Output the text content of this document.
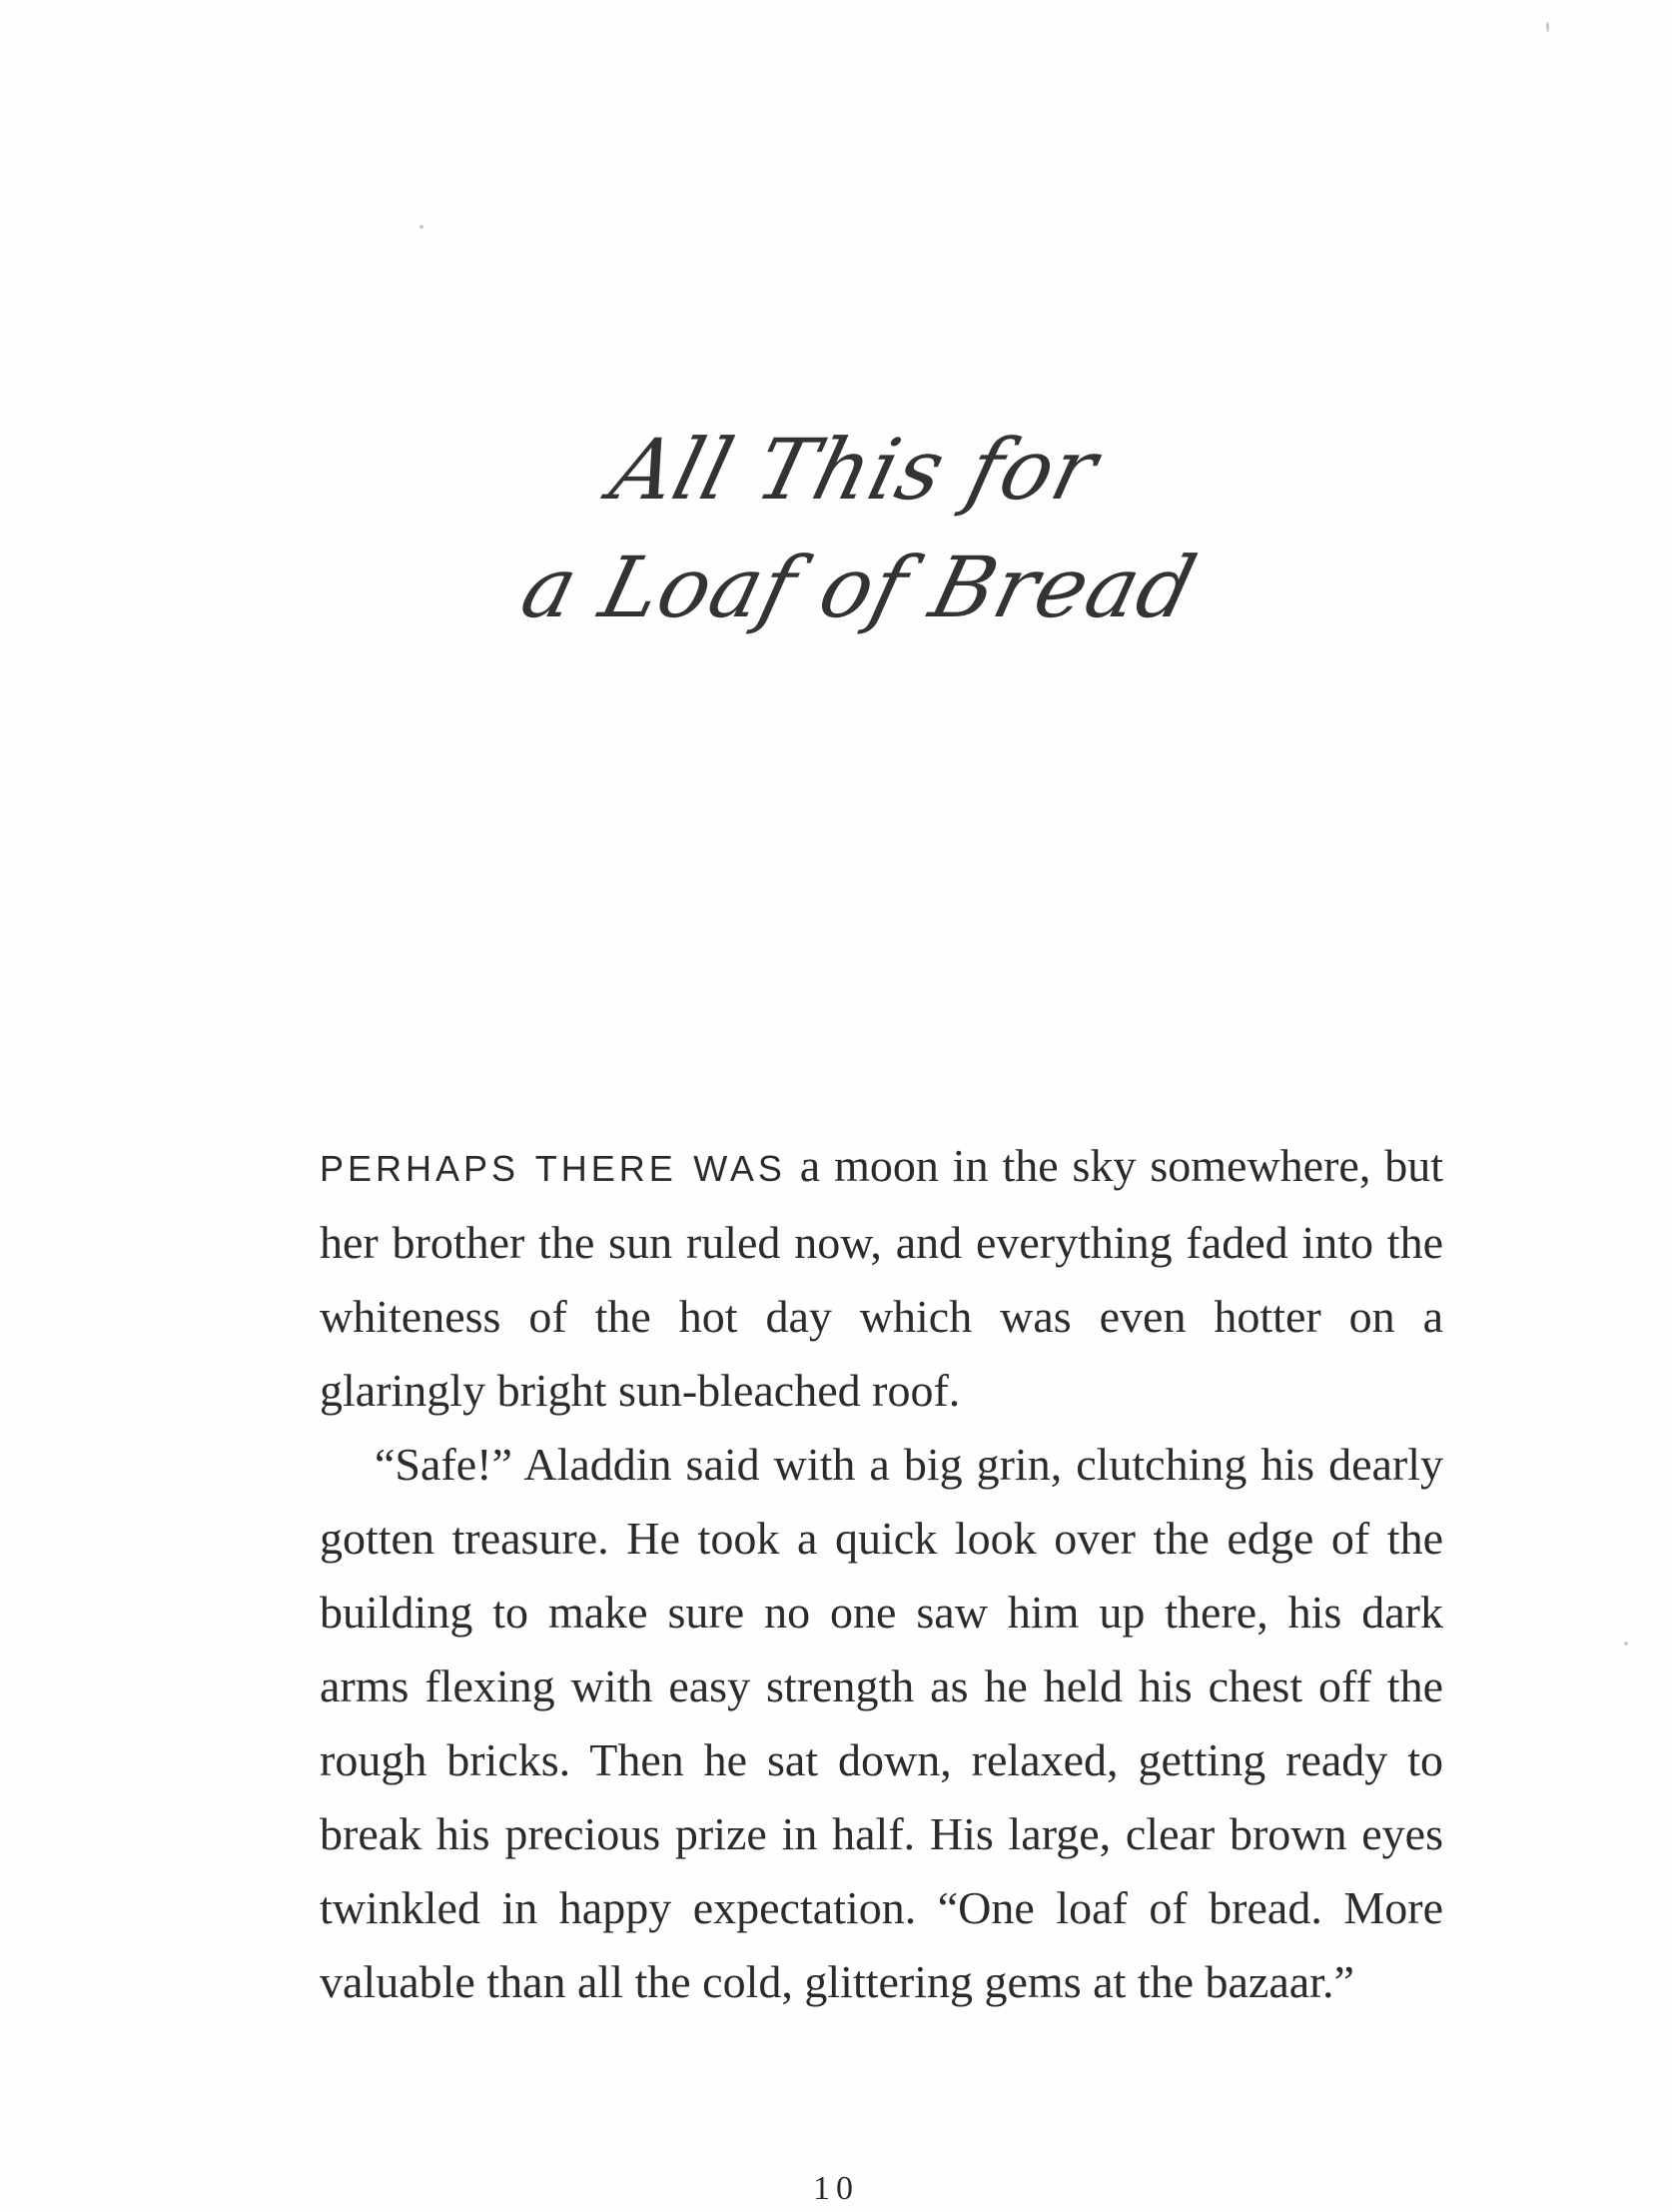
All This for
a Loaf of Bread

PERHAPS THERE WAS a moon in the sky somewhere, but her brother the sun ruled now, and everything faded into the whiteness of the hot day which was even hotter on a glaringly bright sun-bleached roof.

“Safe!” Aladdin said with a big grin, clutching his dearly gotten treasure. He took a quick look over the edge of the building to make sure no one saw him up there, his dark arms flexing with easy strength as he held his chest off the rough bricks. Then he sat down, relaxed, getting ready to break his precious prize in half. His large, clear brown eyes twinkled in happy expectation. “One loaf of bread. More valuable than all the cold, glittering gems at the bazaar.”

10
